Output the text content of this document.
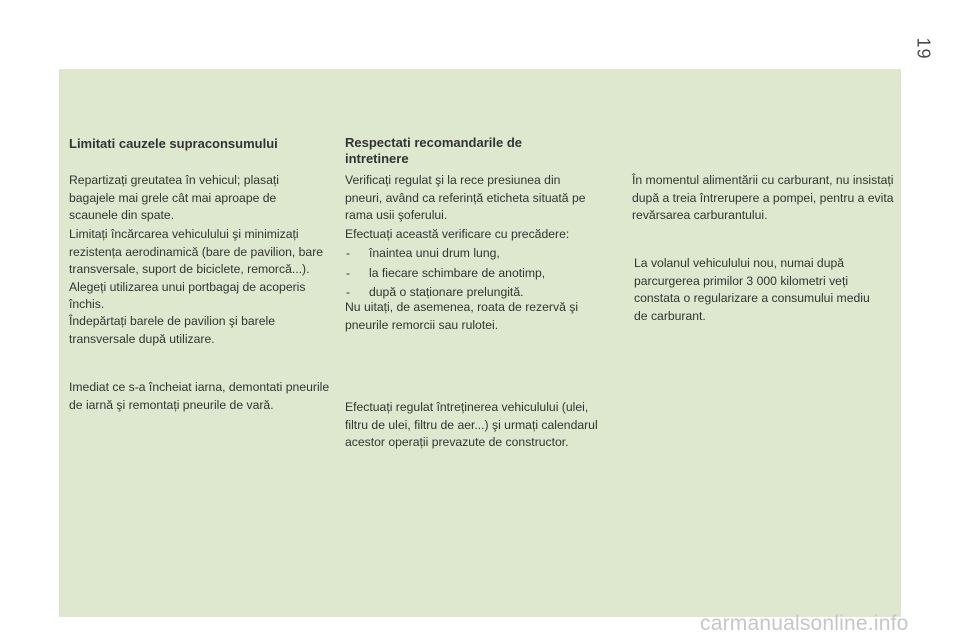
19
Limitati cauzele supraconsumului

Repartizați greutatea în vehicul; plasați bagajele mai grele cât mai aproape de scaunele din spate.

Limitați încărcarea vehiculului şi minimizați rezistența aerodinamică (bare de pavilion, bare transversale, suport de biciclete, remorcă...). Alegeți utilizarea unui portbagaj de acoperis închis.

Îndepărtați barele de pavilion şi barele transversale după utilizare.

Imediat ce s-a încheiat iarna, demontati pneurile de iarnă şi remontați pneurile de vară.

Respectati recomandarile de intretinere

Verificați regulat şi la rece presiunea din pneuri, având ca referință eticheta situată pe rama usii şoferului.

Efectuați această verificare cu precădere:

- înaintea unui drum lung,
- la fiecare schimbare de anotimp,
- după o staționare prelungită.

Nu uitați, de asemenea, roata de rezervă şi pneurile remorcii sau rulotei.

Efectuați regulat întreținerea vehiculului (ulei, filtru de ulei, filtru de aer...) şi urmați calendarul acestor operații prevazute de constructor.

În momentul alimentării cu carburant, nu insistați după a treia întrerupere a pompei, pentru a evita revărsarea carburantului.

La volanul vehiculului nou, numai după parcurgerea primilor 3 000 kilometri veți constata o regularizare a consumului mediu de carburant.

carmanualsonline.info
